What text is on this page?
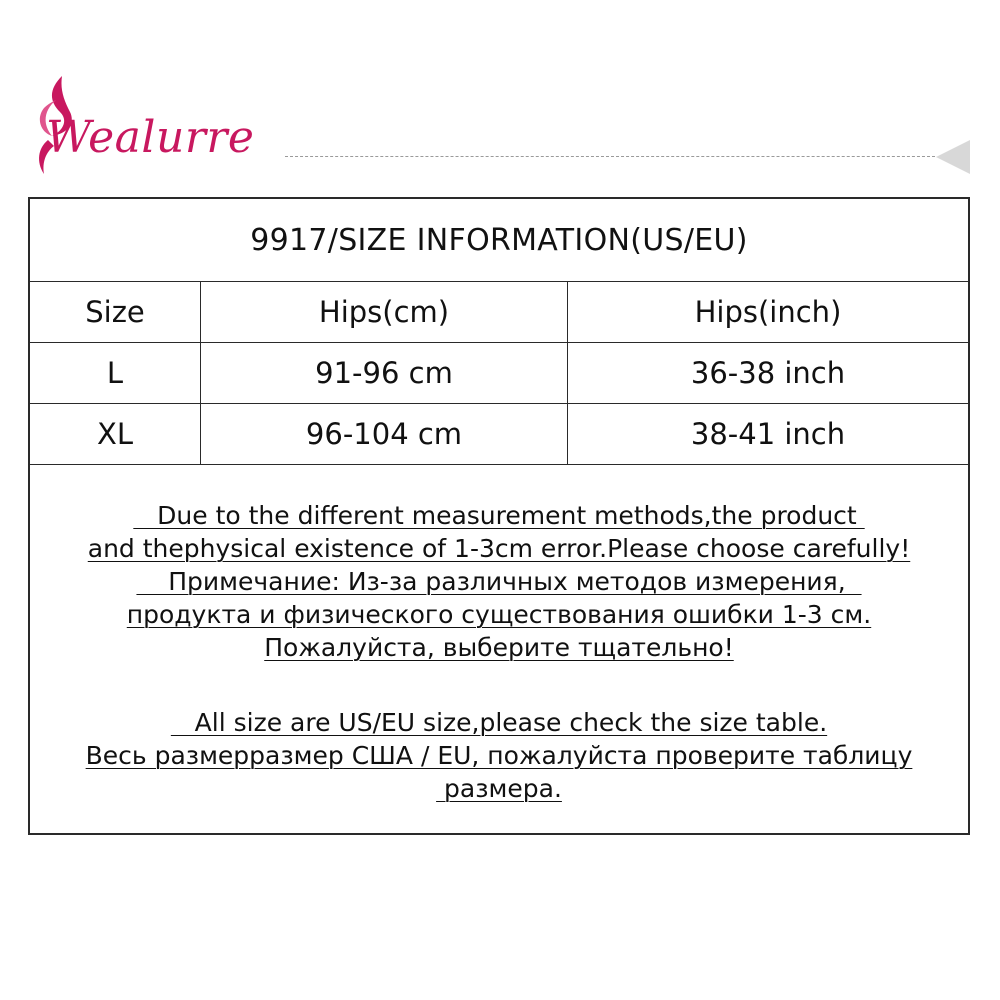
Wealurre
9917/SIZE INFORMATION(US/EU)
Size	Hips(cm)	Hips(inch)
L	91-96 cm	36-38 inch
XL	96-104 cm	38-41 inch
Due to the different measurement methods,the product
and thephysical existence of 1-3cm error.Please choose carefully!
Примечание: Из-за различных методов измерения,
продукта и физического существования ошибки 1-3 см.
Пожалуйста, выберите тщательно!
All size are US/EU size,please check the size table.
Весь размерразмер США / EU, пожалуйста проверите таблицу
размера.
